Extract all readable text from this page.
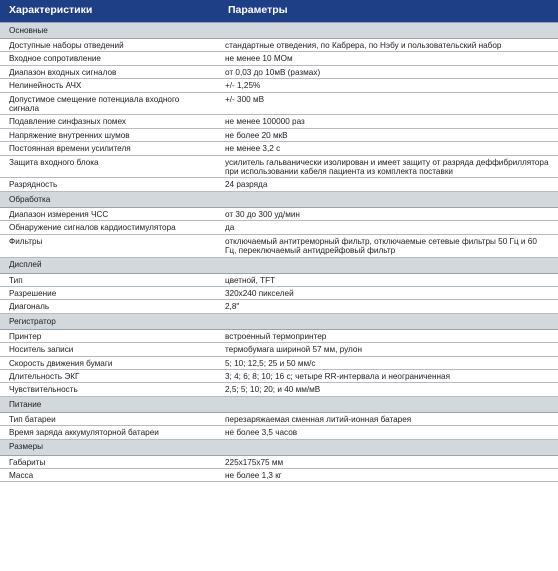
Характеристики	Параметры
Основные	
Доступные наборы отведений	стандартные отведения, по Кабрера, по Нэбу и пользовательский набор
Входное сопротивление	не менее 10 МОм
Диапазон входных сигналов	от 0,03 до 10мВ (размах)
Нелинейность АЧХ	+/- 1,25%
Допустимое смещение потенциала входного сигнала	+/- 300 мВ
Подавление синфазных помех	не менее 100000 раз
Напряжение внутренних шумов	не более 20 мкВ
Постоянная времени усилителя	не менее 3,2 с
Защита входного блока	усилитель гальванически изолирован и имеет защиту от разряда деффибриллятора при использовании кабеля пациента из комплекта поставки
Разрядность	24 разряда
Обработка	
Диапазон измерения ЧСС	от 30 до 300 уд/мин
Обнаружение сигналов кардиостимулятора	да
Фильтры	отключаемый антитреморный фильтр, отключаемые сетевые фильтры 50 Гц и 60 Гц, переключаемый антидрейфовый фильтр
Дисплей	
Тип	цветной, TFT
Разрешение	320x240 пикселей
Диагональ	2,8"
Регистратор	
Принтер	встроенный термопринтер
Носитель записи	термобумага шириной 57 мм, рулон
Скорость движения бумаги	5; 10; 12,5; 25 и 50 мм/с
Длительность ЭКГ	3; 4; 6; 8; 10; 16 с; четыре RR-интервала и неограниченная
Чувствительность	2,5; 5; 10; 20; и 40 мм/мВ
Питание	
Тип батареи	перезаряжаемая сменная литий-ионная батарея
Время заряда аккумуляторной батареи	не более 3,5 часов
Размеры	
Габариты	225x175x75 мм
Масса	не более 1,3 кг
